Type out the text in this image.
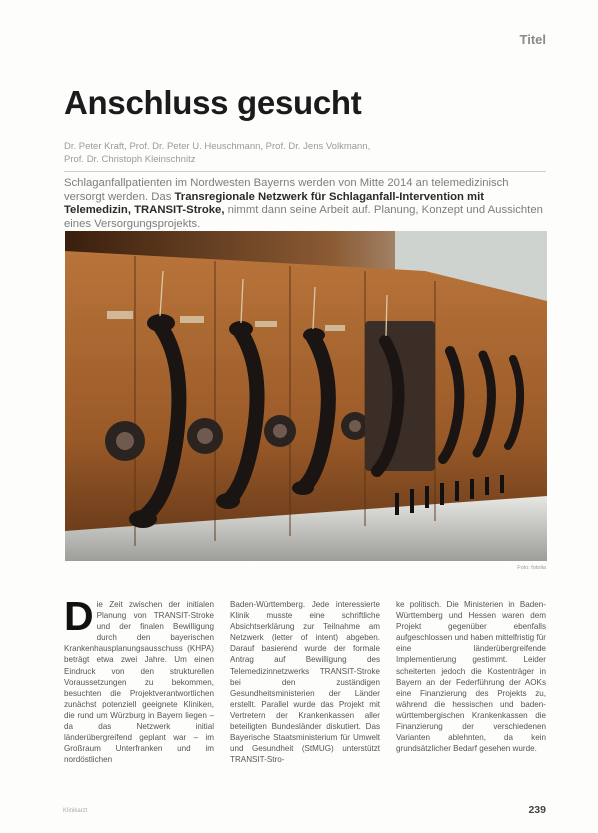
Titel
Anschluss gesucht
Dr. Peter Kraft, Prof. Dr. Peter U. Heuschmann, Prof. Dr. Jens Volkmann,
Prof. Dr. Christoph Kleinschnitz

Schlaganfallpatienten im Nordwesten Bayerns werden von Mitte 2014 an telemedizinisch versorgt werden. Das Transregionale Netzwerk für Schlaganfall-Intervention mit Telemedizin, TRANSIT-Stroke, nimmt dann seine Arbeit auf. Planung, Konzept und Aussichten eines Versorgungsprojekts.

Foto: fotolia
Die Zeit zwischen der initialen Planung von TRANSIT-Stroke und der finalen Bewilligung durch den bayerischen Krankenhausplanungsausschuss (KHPA) beträgt etwa zwei Jahre. Um einen Eindruck von den strukturellen Voraussetzungen zu bekommen, besuchten die Projektverantwortlichen zunächst potenziell geeignete Kliniken, die rund um Würzburg in Bayern liegen – da das Netzwerk initial länderübergreifend geplant war – im Großraum Unterfranken und im nordöstlichen
Baden-Württemberg. Jede interessierte Klinik musste eine schriftliche Absichtserklärung zur Teilnahme am Netzwerk (letter of intent) abgeben. Darauf basierend wurde der formale Antrag auf Bewilligung des Telemedizinnetzwerks TRANSIT-Stroke bei den zuständigen Gesundheitsministerien der Länder erstellt. Parallel wurde das Projekt mit Vertretern der Krankenkassen aller beteiligten Bundesländer diskutiert. Das Bayerische Staatsministerium für Umwelt und Gesundheit (StMUG) unterstützt TRANSIT-Stro-
ke politisch. Die Ministerien in Baden-Württemberg und Hessen waren dem Projekt gegenüber ebenfalls aufgeschlossen und haben mittelfristig für eine länderübergreifende Implementierung gestimmt. Leider scheiterten jedoch die Kostenträger in Bayern an der Federführung der AOKs eine Finanzierung des Projekts zu, während die hessischen und baden-württembergischen Krankenkassen die Finanzierung der verschiedenen Varianten ablehnten, da kein grundsätzlicher Bedarf gesehen wurde.
Klinikarzt	239
